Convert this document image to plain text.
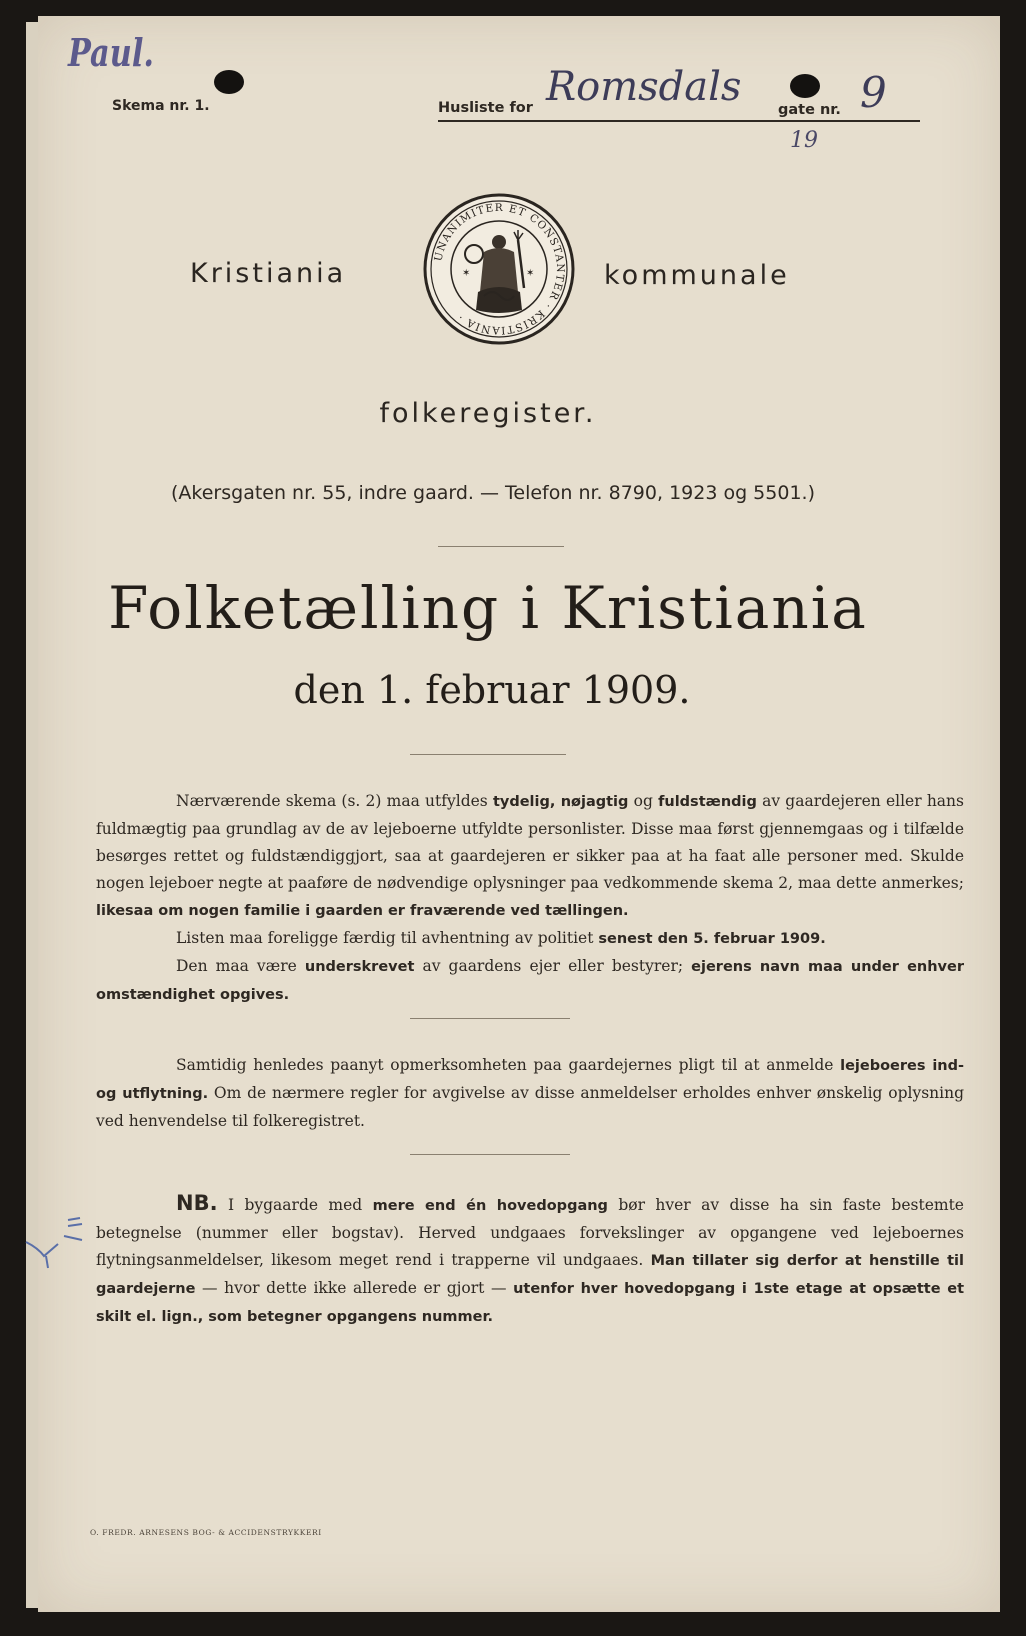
Paul.
Skema nr. 1.	Husliste for Romsdals	gate nr. 9
19
Kristiania
UNANIMITER ET CONSTANTER · KRISTIANIA ·
✶	✶	kommunale
folkeregister.
(Akersgaten nr. 55, indre gaard. — Telefon nr. 8790, 1923 og 5501.)
Folketælling i Kristiania
den 1. februar 1909.

Nærværende skema (s. 2) maa utfyldes tydelig, nøjagtig og fuldstændig av gaardejeren eller hans fuldmægtig paa grundlag av de av lejeboerne utfyldte personlister. Disse maa først gjennemgaas og i tilfælde besørges rettet og fuldstændiggjort, saa at gaardejeren er sikker paa at ha faat alle personer med. Skulde nogen lejeboer negte at paaføre de nødvendige oplysninger paa vedkommende skema 2, maa dette anmerkes; likesaa om nogen familie i gaarden er fraværende ved tællingen.

Listen maa foreligge færdig til avhentning av politiet senest den 5. februar 1909.

Den maa være underskrevet av gaardens ejer eller bestyrer; ejerens navn maa under enhver omstændighet opgives.

Samtidig henledes paanyt opmerksomheten paa gaardejernes pligt til at anmelde lejeboeres ind- og utflytning. Om de nærmere regler for avgivelse av disse anmeldelser erholdes enhver ønskelig oplysning ved henvendelse til folkeregistret.

NB. I bygaarde med mere end én hovedopgang bør hver av disse ha sin faste bestemte betegnelse (nummer eller bogstav). Herved undgaaes forvekslinger av opgangene ved lejeboernes flytningsanmeldelser, likesom meget rend i trapperne vil undgaaes. Man tillater sig derfor at henstille til gaardejerne — hvor dette ikke allerede er gjort — utenfor hver hovedopgang i 1ste etage at opsætte et skilt el. lign., som betegner opgangens nummer.

O. FREDR. ARNESENS BOG- & ACCIDENSTRYKKERI
